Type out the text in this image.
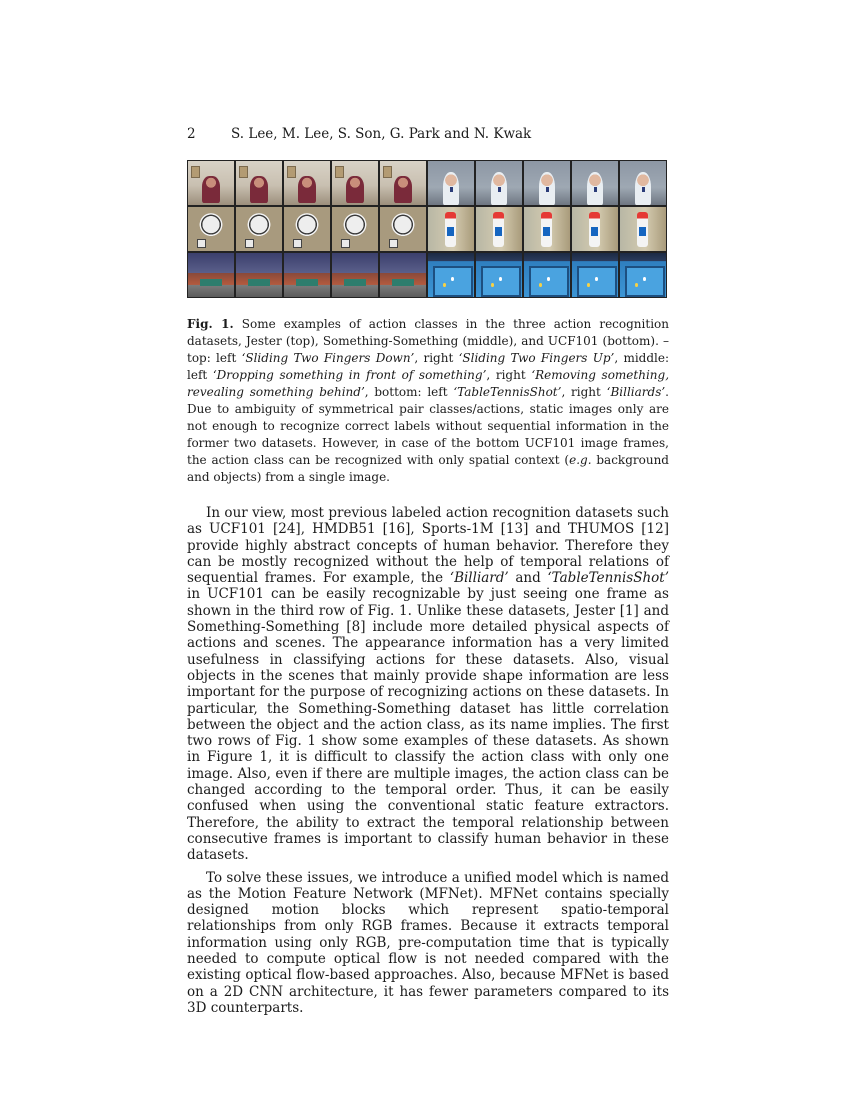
2	S. Lee, M. Lee, S. Son, G. Park and N. Kwak

Fig. 1. Some examples of action classes in the three action recognition datasets, Jester (top), Something-Something (middle), and UCF101 (bottom). – top: left ‘Sliding Two Fingers Down’, right ‘Sliding Two Fingers Up’, middle: left ‘Dropping something in front of something’, right ‘Removing something, revealing something behind’, bottom: left ‘TableTennisShot’, right ‘Billiards’. Due to ambiguity of symmetrical pair classes/actions, static images only are not enough to recognize correct labels without sequential information in the former two datasets. However, in case of the bottom UCF101 image frames, the action class can be recognized with only spatial context (e.g. background and objects) from a single image.

In our view, most previous labeled action recognition datasets such as UCF101 [24], HMDB51 [16], Sports-1M [13] and THUMOS [12] provide highly abstract concepts of human behavior. Therefore they can be mostly recognized without the help of temporal relations of sequential frames. For example, the ‘Billiard’ and ‘TableTennisShot’ in UCF101 can be easily recognizable by just seeing one frame as shown in the third row of Fig. 1. Unlike these datasets, Jester [1] and Something-Something [8] include more detailed physical aspects of actions and scenes. The appearance information has a very limited usefulness in classifying actions for these datasets. Also, visual objects in the scenes that mainly provide shape information are less important for the purpose of recognizing actions on these datasets. In particular, the Something-Something dataset has little correlation between the object and the action class, as its name implies. The first two rows of Fig. 1 show some examples of these datasets. As shown in Figure 1, it is difficult to classify the action class with only one image. Also, even if there are multiple images, the action class can be changed according to the temporal order. Thus, it can be easily confused when using the conventional static feature extractors. Therefore, the ability to extract the temporal relationship between consecutive frames is important to classify human behavior in these datasets.

To solve these issues, we introduce a unified model which is named as the Motion Feature Network (MFNet). MFNet contains specially designed motion blocks which represent spatio-temporal relationships from only RGB frames. Because it extracts temporal information using only RGB, pre-computation time that is typically needed to compute optical flow is not needed compared with the existing optical flow-based approaches. Also, because MFNet is based on a 2D CNN architecture, it has fewer parameters compared to its 3D counterparts.
